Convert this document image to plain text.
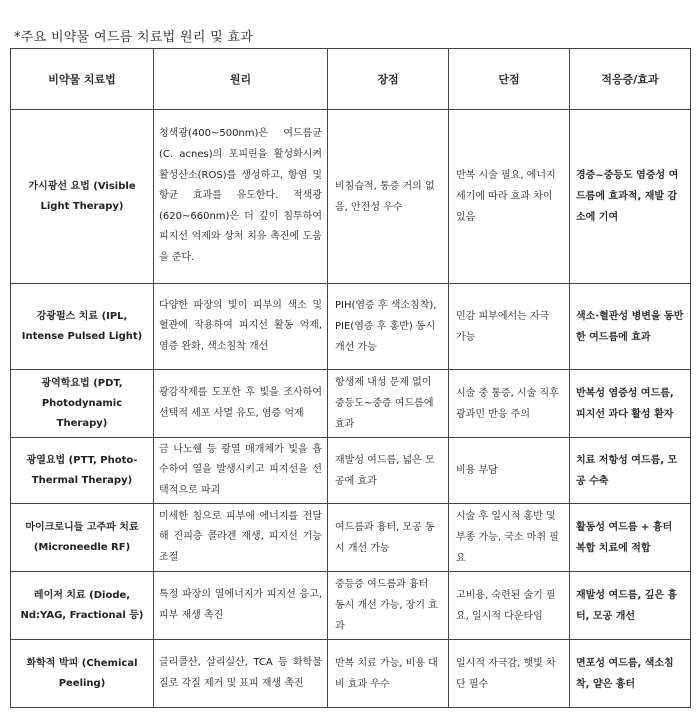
*주요 비약물 여드름 치료법 원리 및 효과
비약물 치료법	원리	장점	단점	적응증/효과
가시광선 요법 (Visible Light Therapy)	청색광(400~500nm)은 여드름균(C. acnes)의 포피린을 활성화시켜 활성산소(ROS)를 생성하고, 항염 및 항균 효과를 유도한다. 적색광(620~660nm)은 더 깊이 침투하여 피지선 억제와 상처 치유 촉진에 도움을 준다.	비침습적, 통증 거의 없음, 안전성 우수	반복 시술 필요, 에너지 세기에 따라 효과 차이 있음	경증~중등도 염증성 여드름에 효과적, 재발 감소에 기여
강광펄스 치료 (IPL, Intense Pulsed Light)	다양한 파장의 빛이 피부의 색소 및 혈관에 작용하여 피지선 활동 억제, 염증 완화, 색소침착 개선	PIH(염증 후 색소침착), PIE(염증 후 홍반) 동시 개선 가능	민감 피부에서는 자극 가능	색소·혈관성 병변을 동반한 여드름에 효과
광역학요법 (PDT, Photodynamic Therapy)	광감작제를 도포한 후 빛을 조사하여 선택적 세포 사멸 유도, 염증 억제	항생제 내성 문제 없이 중등도~중증 여드름에 효과	시술 중 통증, 시술 직후 광과민 반응 주의	반복성 염증성 여드름, 피지선 과다 활성 환자
광열요법 (PTT, Photo-Thermal Therapy)	금 나노쉘 등 광열 매개체가 빛을 흡수하여 열을 발생시키고 피지선을 선택적으로 파괴	재발성 여드름, 넓은 모공에 효과	비용 부담	치료 저항성 여드름, 모공 수축
마이크로니들 고주파 치료 (Microneedle RF)	미세한 침으로 피부에 에너지를 전달해 진피층 콜라겐 재생, 피지선 기능 조절	여드름과 흉터, 모공 동시 개선 가능	시술 후 일시적 홍반 및 부종 가능, 국소 마취 필요	활동성 여드름 + 흉터 복합 치료에 적합
레이저 치료 (Diode, Nd:YAG, Fractional 등)	특정 파장의 열에너지가 피지선 응고, 피부 재생 촉진	중등증 여드름과 흉터 동시 개선 가능, 장기 효과	고비용, 숙련된 술기 필요, 일시적 다운타임	재발성 여드름, 깊은 흉터, 모공 개선
화학적 박피 (Chemical Peeling)	글리콜산, 살리실산, TCA 등 화학물질로 각질 제거 및 표피 재생 촉진	반복 치료 가능, 비용 대비 효과 우수	일시적 자극감, 햇빛 차단 필수	면포성 여드름, 색소침착, 얕은 흉터
